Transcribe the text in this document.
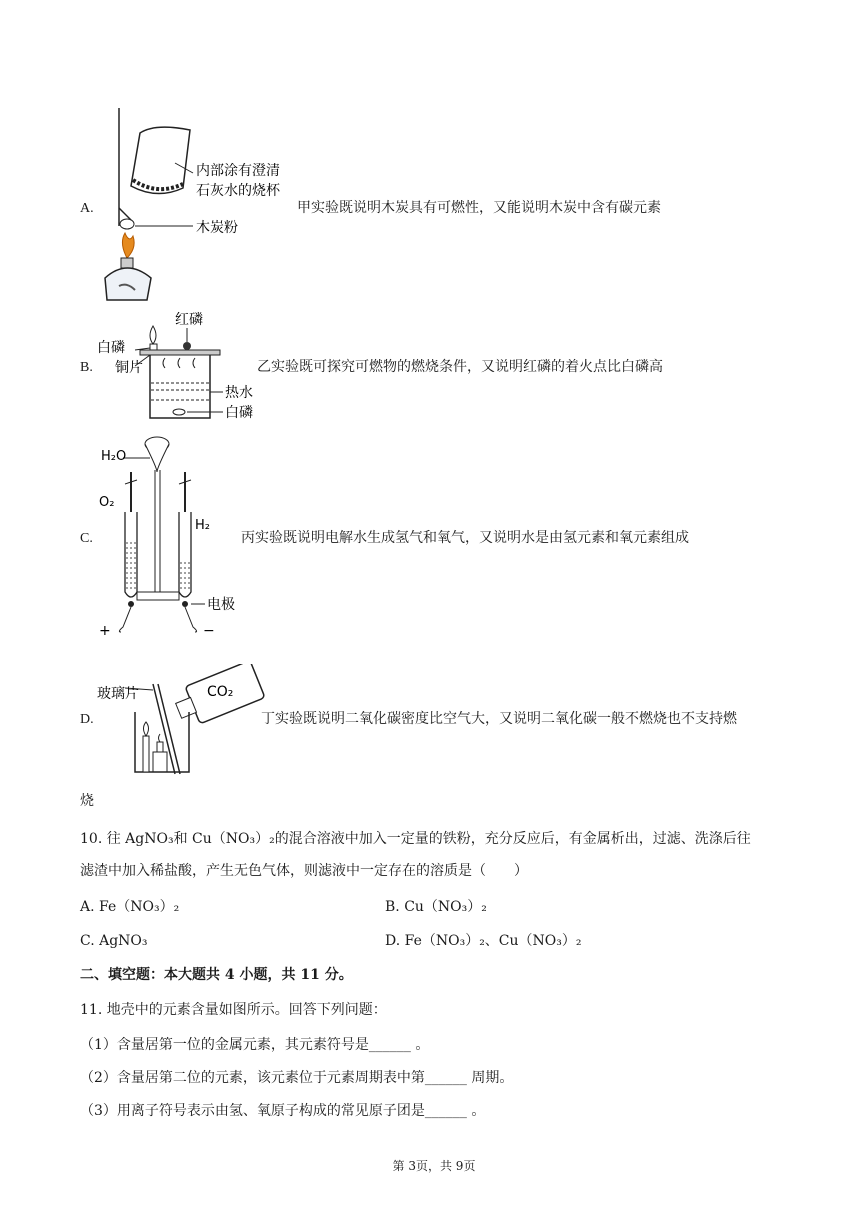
A.
内部涂有澄清
石灰水的烧杯
木炭粉
甲实验既说明木炭具有可燃性，又能说明木炭中含有碳元素
B.
红磷
白磷
铜片
热水
白磷
乙实验既可探究可燃物的燃烧条件，又说明红磷的着火点比白磷高
C.
H₂O
O₂
H₂
电极
+	−
丙实验既说明电解水生成氢气和氧气，又说明水是由氢元素和氧元素组成
D.
CO₂
玻璃片
丁实验既说明二氧化碳密度比空气大，又说明二氧化碳一般不燃烧也不支持燃
烧
10. 往 AgNO₃和 Cu（NO₃）₂的混合溶液中加入一定量的铁粉，充分反应后，有金属析出，过滤、洗涤后往
滤渣中加入稀盐酸，产生无色气体，则滤液中一定存在的溶质是（　　）
A. Fe（NO₃）₂	B. Cu（NO₃）₂
C. AgNO₃	D. Fe（NO₃）₂、Cu（NO₃）₂
二、填空题：本大题共 4 小题，共 11 分。
11. 地壳中的元素含量如图所示。回答下列问题：
（1）含量居第一位的金属元素，其元素符号是______ 。
（2）含量居第二位的元素，该元素位于元素周期表中第______ 周期。
（3）用离子符号表示由氢、氧原子构成的常见原子团是______ 。
第 3页，共 9页
